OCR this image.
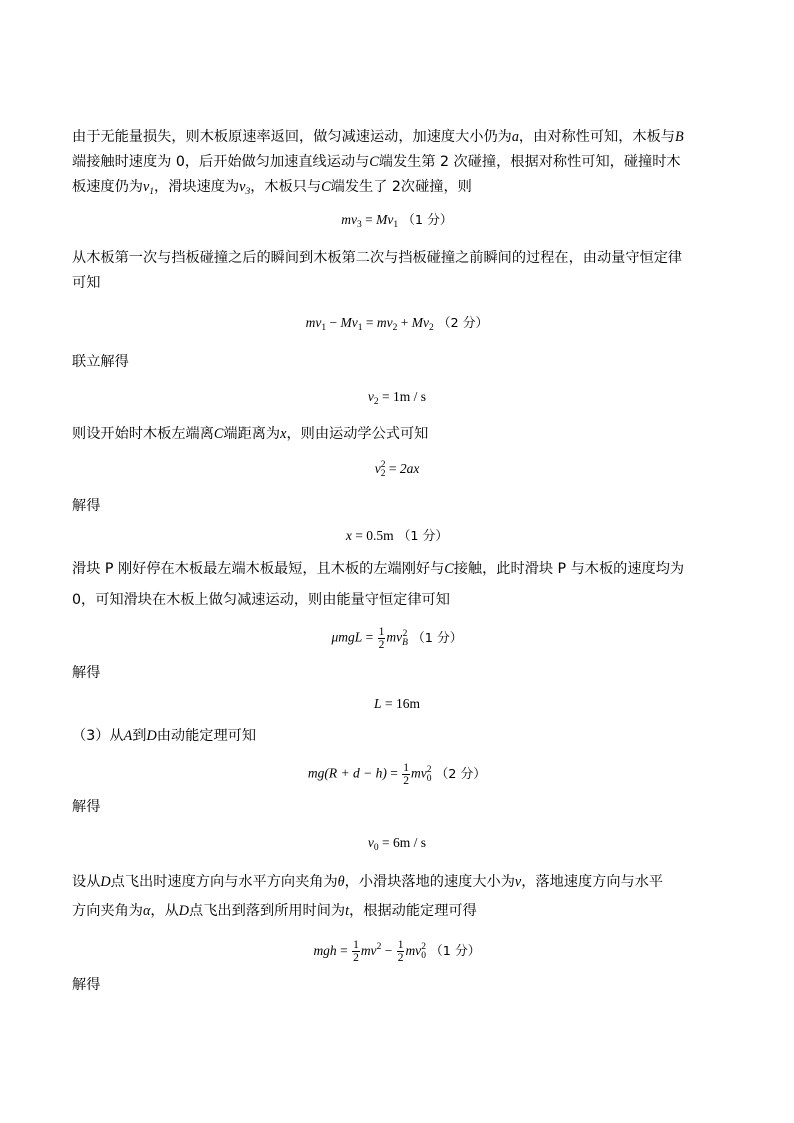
由于无能量损失，则木板原速率返回，做匀减速运动，加速度大小仍为a，由对称性可知，木板与B
端接触时速度为 0，后开始做匀加速直线运动与C端发生第 2 次碰撞，根据对称性可知，碰撞时木
板速度仍为$v_1$，滑块速度为$v_3$，木板只与C端发生了 2次碰撞，则
$mv_3 = Mv_1$ （1 分）
从木板第一次与挡板碰撞之后的瞬间到木板第二次与挡板碰撞之前瞬间的过程在，由动量守恒定律
可知
$mv_1 - Mv_1 = mv_2 + Mv_2$ （2 分）
联立解得
$v_2 = 1m / s$
则设开始时木板左端离C端距离为x，则由运动学公式可知
v 2
2 = 2ax
解得
x = 0.5m （1 分）
滑块 P 刚好停在木板最左端木板最短，且木板的左端刚好与C接触，此时滑块 P 与木板的速度均为
0，可知滑块在木板上做匀减速运动，则由能量守恒定律可知
$\mu mgL = \frac{1}{2}$ mv 2
B （1 分）
解得
L = 16m
（3）从A到D由动能定理可知
$mg(R + d - h) = \frac{1}{2}$ mv 2
0 （2 分）
解得
$v_0 = 6m / s$
设从D点飞出时速度方向与水平方向夹角为θ，小滑块落地的速度大小为v，落地速度方向与水平
方向夹角为α，从D点飞出到落到所用时间为t，根据动能定理可得
mgh = $\frac{1}{2} mv^2 - \frac{1}{2}$ mv 2
0 （1 分）
解得
